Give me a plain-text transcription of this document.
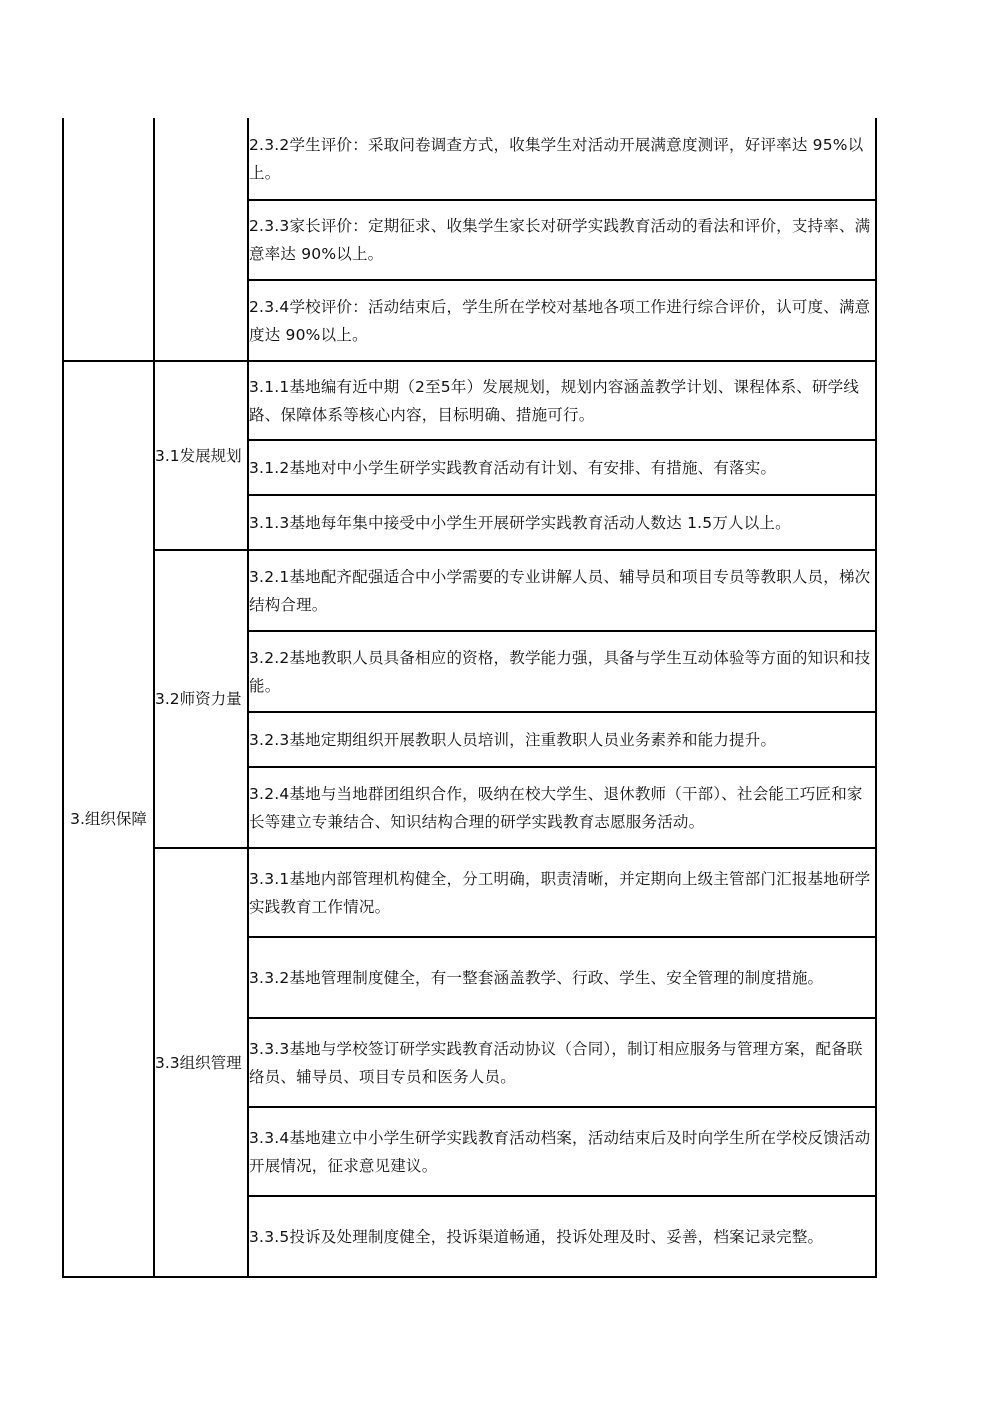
		2.3.2学生评价：采取问卷调查方式，收集学生对活动开展满意度测评，好评率达 95%以上。

		2.3.3家长评价：定期征求、收集学生家长对研学实践教育活动的看法和评价，支持率、满意率达 90%以上。

		2.3.4学校评价：活动结束后，学生所在学校对基地各项工作进行综合评价，认可度、满意度达 90%以上。

3.组织保障	3.1发展规划	3.1.1基地编有近中期（2至5年）发展规划，规划内容涵盖教学计划、课程体系、研学线路、保障体系等核心内容，目标明确、措施可行。

		3.1.2基地对中小学生研学实践教育活动有计划、有安排、有措施、有落实。

		3.1.3基地每年集中接受中小学生开展研学实践教育活动人数达 1.5万人以上。

	3.2师资力量	3.2.1基地配齐配强适合中小学需要的专业讲解人员、辅导员和项目专员等教职人员，梯次结构合理。

		3.2.2基地教职人员具备相应的资格，教学能力强，具备与学生互动体验等方面的知识和技能。

		3.2.3基地定期组织开展教职人员培训，注重教职人员业务素养和能力提升。

		3.2.4基地与当地群团组织合作，吸纳在校大学生、退休教师（干部）、社会能工巧匠和家长等建立专兼结合、知识结构合理的研学实践教育志愿服务活动。

	3.3组织管理	3.3.1基地内部管理机构健全，分工明确，职责清晰，并定期向上级主管部门汇报基地研学实践教育工作情况。

		3.3.2基地管理制度健全，有一整套涵盖教学、行政、学生、安全管理的制度措施。

		3.3.3基地与学校签订研学实践教育活动协议（合同），制订相应服务与管理方案，配备联络员、辅导员、项目专员和医务人员。

		3.3.4基地建立中小学生研学实践教育活动档案，活动结束后及时向学生所在学校反馈活动开展情况，征求意见建议。

		3.3.5投诉及处理制度健全，投诉渠道畅通，投诉处理及时、妥善，档案记录完整。
